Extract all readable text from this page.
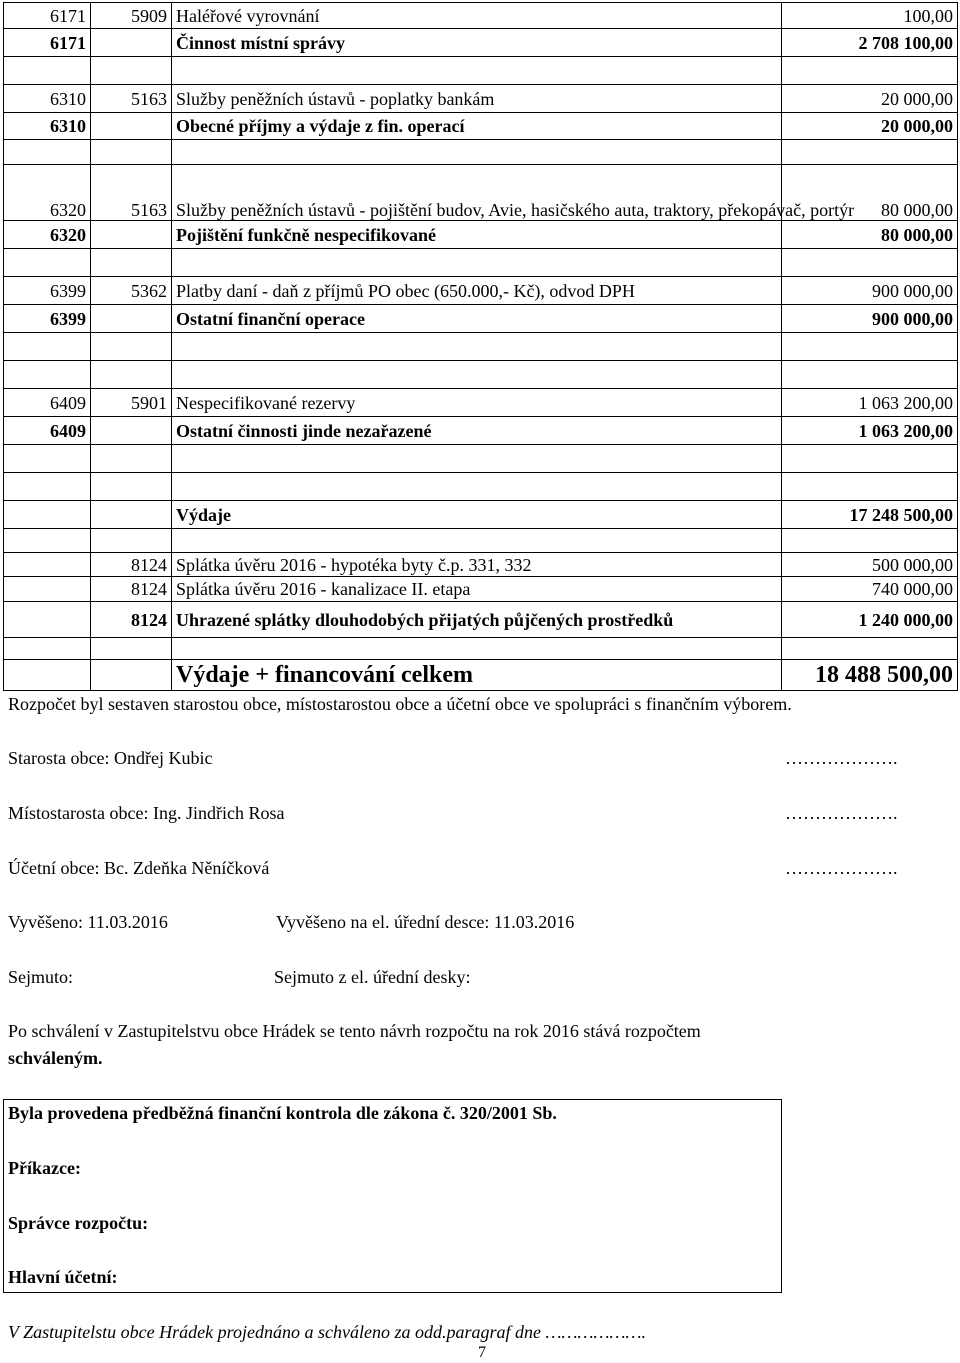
6171	5909	Haléřové vyrovnání	100,00
6171		Činnost místní správy	2 708 100,00

6310	5163	Služby peněžních ústavů - poplatky bankám	20 000,00
6310		Obecné příjmy a výdaje z fin. operací	20 000,00

6320	5163	Služby peněžních ústavů - pojištění budov, Avie, hasičského auta, traktory, překopávač, portýr	80 000,00
6320		Pojištění funkčně nespecifikované	80 000,00

6399	5362	Platby daní - daň z příjmů PO obec (650.000,- Kč), odvod DPH	900 000,00
6399		Ostatní finanční operace	900 000,00

6409	5901	Nespecifikované rezervy	1 063 200,00
6409		Ostatní činnosti jinde nezařazené	1 063 200,00

		Výdaje	17 248 500,00

	8124	Splátka úvěru 2016 - hypotéka byty č.p. 331, 332	500 000,00
	8124	Splátka úvěru 2016 - kanalizace II. etapa	740 000,00
	8124	Uhrazené splátky dlouhodobých přijatých půjčených prostředků	1 240 000,00

		Výdaje + financování celkem	18 488 500,00
Rozpočet byl sestaven starostou obce, místostarostou obce a účetní obce ve spolupráci s finančním výborem.
Starosta obce: Ondřej Kubic	……………….
Místostarosta obce: Ing. Jindřich Rosa	……………….
Účetní obce: Bc. Zdeňka Něníčková	……………….
Vyvěšeno: 11.03.2016	Vyvěšeno na el. úřední desce: 11.03.2016
Sejmuto:	Sejmuto z el. úřední desky:
Po schválení v Zastupitelstvu obce Hrádek se tento návrh rozpočtu na rok 2016 stává rozpočtem
schváleným.
Byla provedena předběžná finanční kontrola dle zákona č. 320/2001 Sb.
Příkazce:
Správce rozpočtu:
Hlavní účetní:
V Zastupitelstu obce Hrádek projednáno a schváleno za odd.paragraf dne ……………….
7
